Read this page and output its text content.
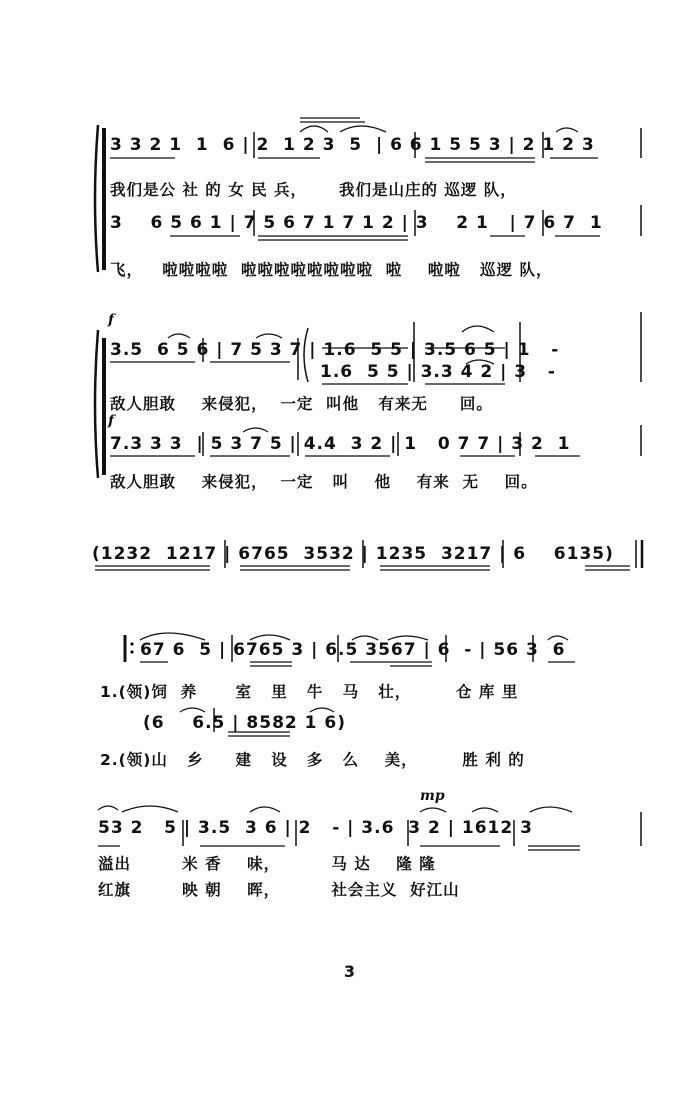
3 3 2 1  1  6 | 2  1 2 3  5  | 6 6 1 5 5 3 | 2 1 2 3
我们是公 社 的 女 民 兵，     我们是山庄的 巡逻 队，
3    6 5 6 1 | 7 5 6 7 1 7 1 2 | 3    2 1   | 7 6 7  1
飞，   啦啦啦啦  啦啦啦啦啦啦啦啦  啦    啦啦   巡逻 队，
f
3.5  6 5 6 | 7 5 3 7 | 1.6  5 5 | 3.5 6 5 | 1   -
1.6  5 5 | 3.3 4 2 | 3   -
敌人胆敢    来侵犯，  一定  叫他   有来无     回。
f
7.3 3 3  | 5 3 7 5 | 4.4  3 2 | 1   0 7 7 | 3 2  1
敌人胆敢    来侵犯，  一定   叫    他    有来  无    回。
(1232  1217 | 6765  3532 | 1235  3217 | 6    6135)
67 6  5 | 6765 3 | 6.5 3567 | 6  - | 56 3  6
1.(领)饲  养      室   里   牛   马   壮，       仓 库 里
(6    6.5 | 8582 1 6)
2.(领)山   乡     建   设   多   么    美，       胜 利 的
mp
53 2   5 | 3.5  3 6 | 2   - | 3.6  3 2 | 1612 3
溢出        米 香    味，        马 达    隆 隆
红旗        映 朝    晖，        社会主义  好江山
3
